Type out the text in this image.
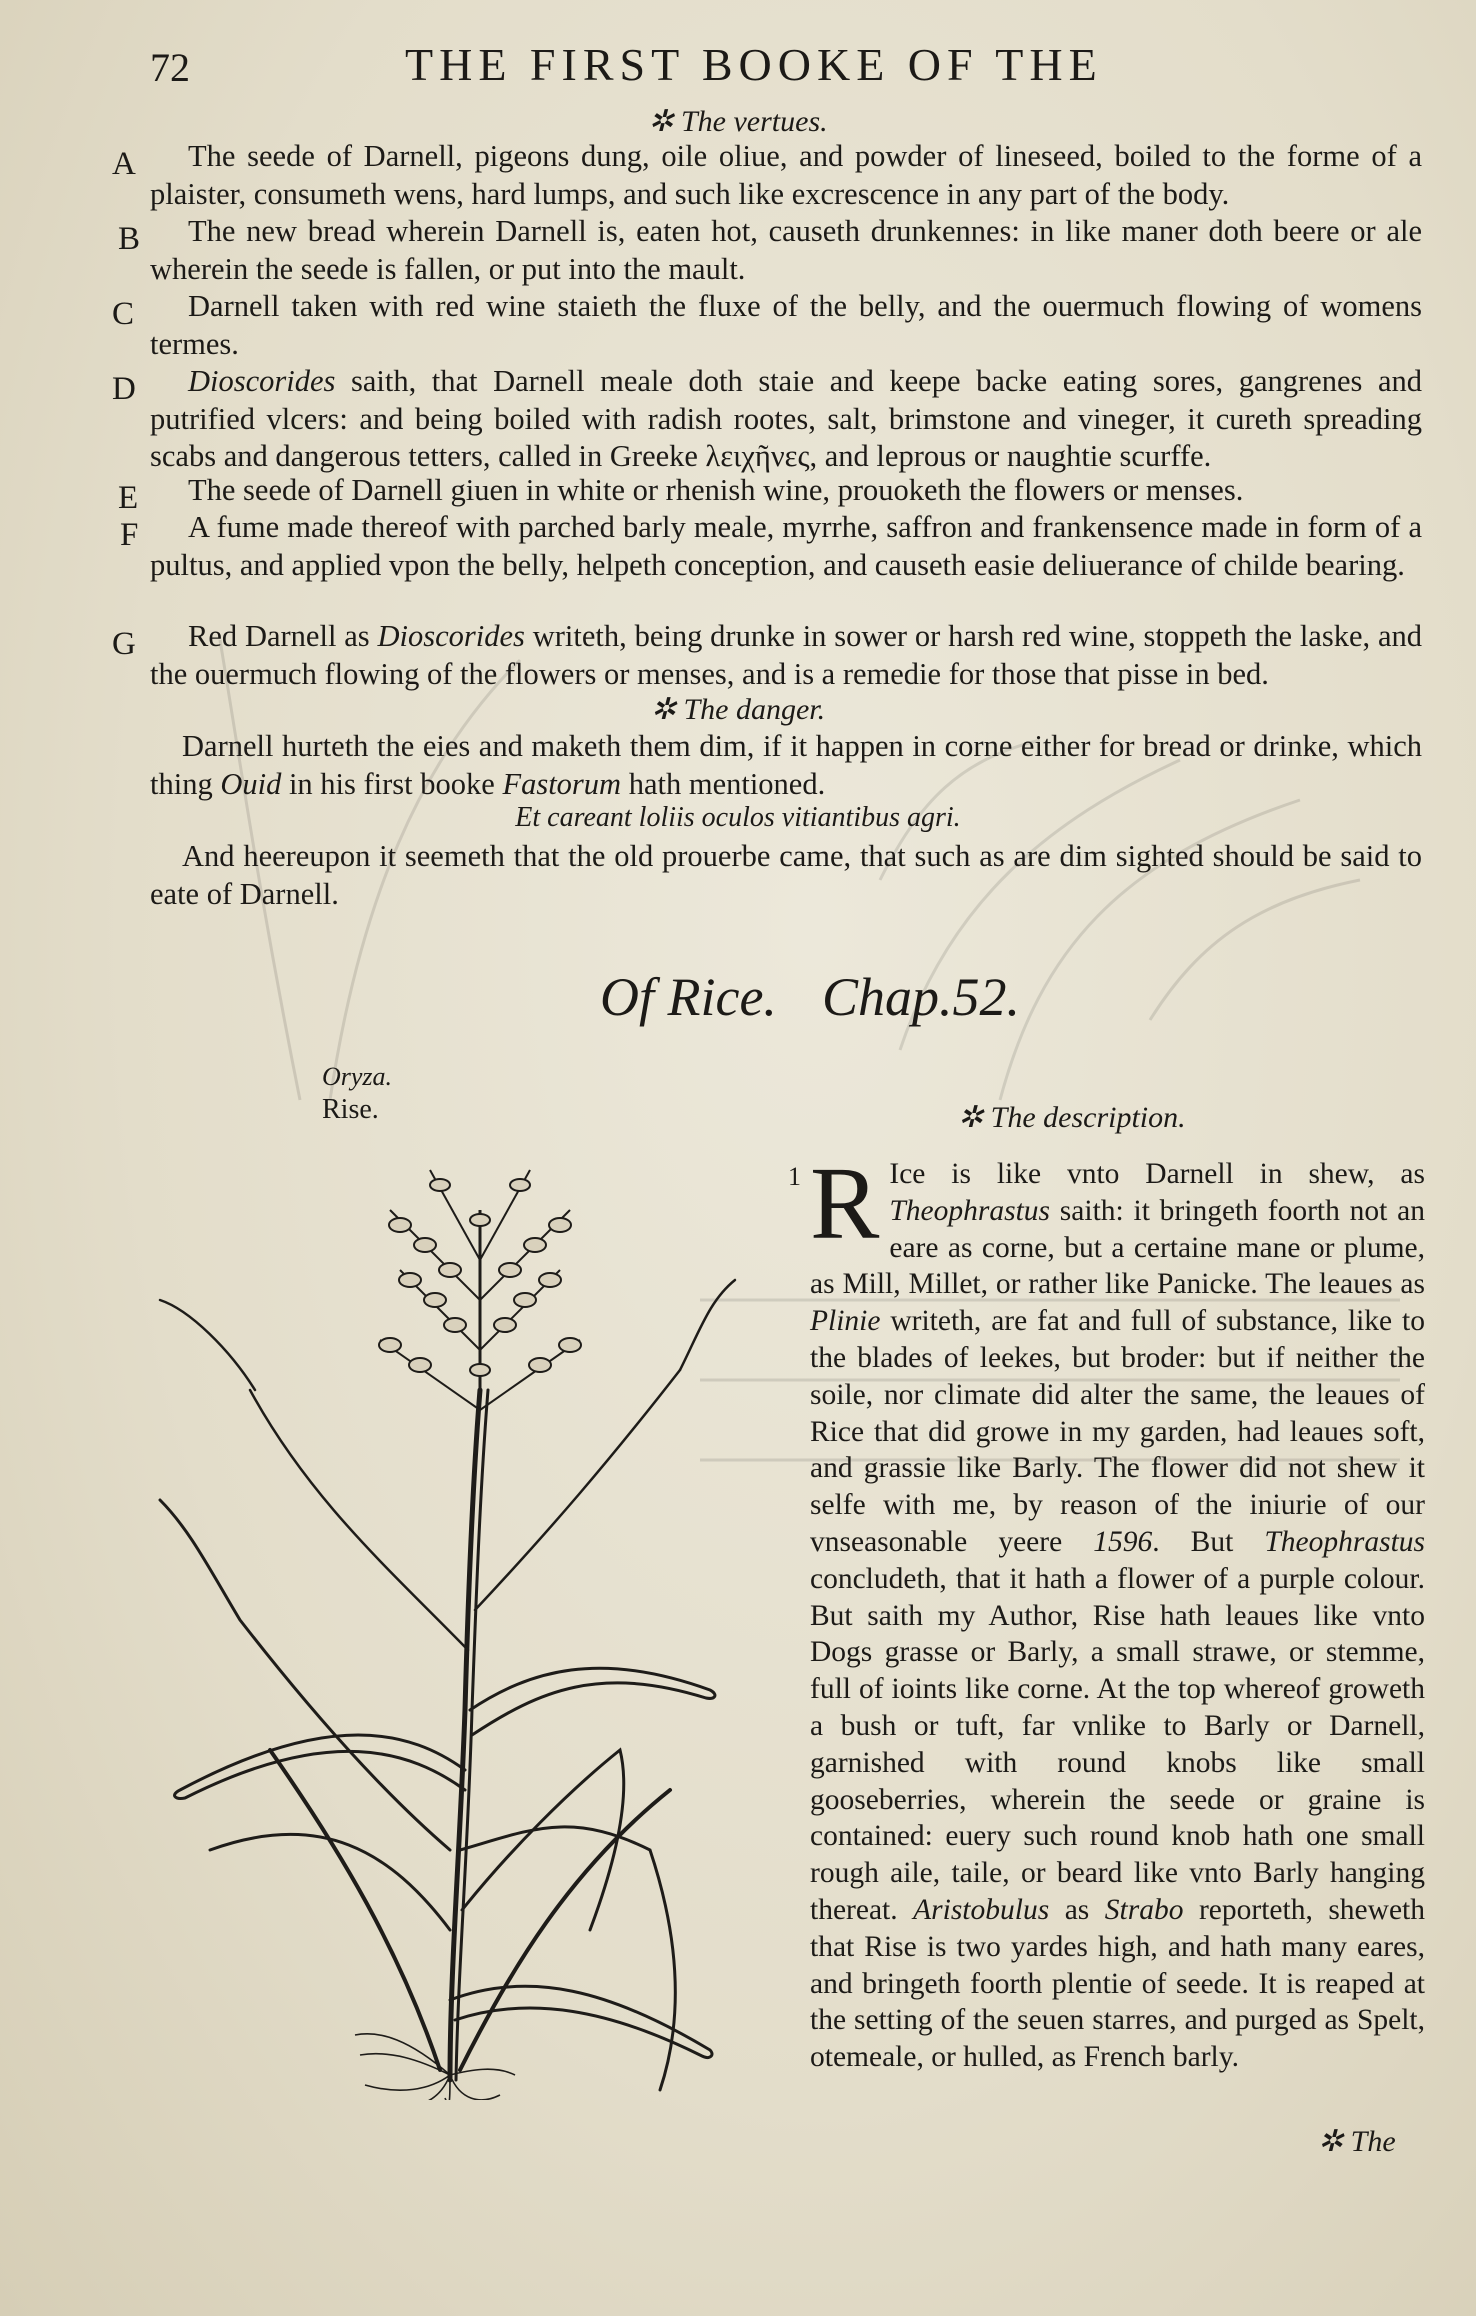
72	THE FIRST BOOKE OF THE
✲ The vertues.
A	The seede of Darnell, pigeons dung, oile oliue, and powder of lineseed, boiled to the forme of a plaister, consumeth wens, hard lumps, and such like excrescence in any part of the body.
B	The new bread wherein Darnell is, eaten hot, causeth drunkennes: in like maner doth beere or ale wherein the seede is fallen, or put into the mault.
C	Darnell taken with red wine staieth the fluxe of the belly, and the ouermuch flowing of womens termes.
D	Dioscorides saith, that Darnell meale doth staie and keepe backe eating sores, gangrenes and putrified vlcers: and being boiled with radish rootes, salt, brimstone and vineger, it cureth spreading scabs and dangerous tetters, called in Greeke λειχῆνες, and leprous or naughtie scurffe.
E	The seede of Darnell giuen in white or rhenish wine, prouoketh the flowers or menses.
F	A fume made thereof with parched barly meale, myrrhe, saffron and frankensence made in form of a pultus, and applied vpon the belly, helpeth conception, and causeth easie deliuerance of childe bearing.
G	Red Darnell as Dioscorides writeth, being drunke in sower or harsh red wine, stoppeth the laske, and the ouermuch flowing of the flowers or menses, and is a remedie for those that pisse in bed.
✲ The danger.
Darnell hurteth the eies and maketh them dim, if it happen in corne either for bread or drinke, which thing Ouid in his first booke Fastorum hath mentioned.
Et careant loliis oculos vitiantibus agri.
And heereupon it seemeth that the old prouerbe came, that such as are dim sighted should be said to eate of Darnell.
Of Rice. Chap.52.
Oryza.
Rise.	✲ The description.
1 R Ice is like vnto Darnell in shew, as Theophrastus saith: it bringeth foorth not an eare as corne, but a certaine mane or plume, as Mill, Millet, or rather like Panicke. The leaues as Plinie writeth, are fat and full of substance, like to the blades of leekes, but broder: but if neither the soile, nor climate did alter the same, the leaues of Rice that did growe in my garden, had leaues soft, and grassie like Barly. The flower did not shew it selfe with me, by reason of the iniurie of our vnseasonable yeere 1596. But Theophrastus concludeth, that it hath a flower of a purple colour. But saith my Author, Rise hath leaues like vnto Dogs grasse or Barly, a small strawe, or stemme, full of ioints like corne. At the top whereof groweth a bush or tuft, far vnlike to Barly or Darnell, garnished with round knobs like small gooseberries, wherein the seede or graine is contained: euery such round knob hath one small rough aile, taile, or beard like vnto Barly hanging thereat. Aristobulus as Strabo reporteth, sheweth that Rise is two yardes high, and hath many eares, and bringeth foorth plentie of seede. It is reaped at the setting of the seuen starres, and purged as Spelt, otemeale, or hulled, as French barly.
✲ The
